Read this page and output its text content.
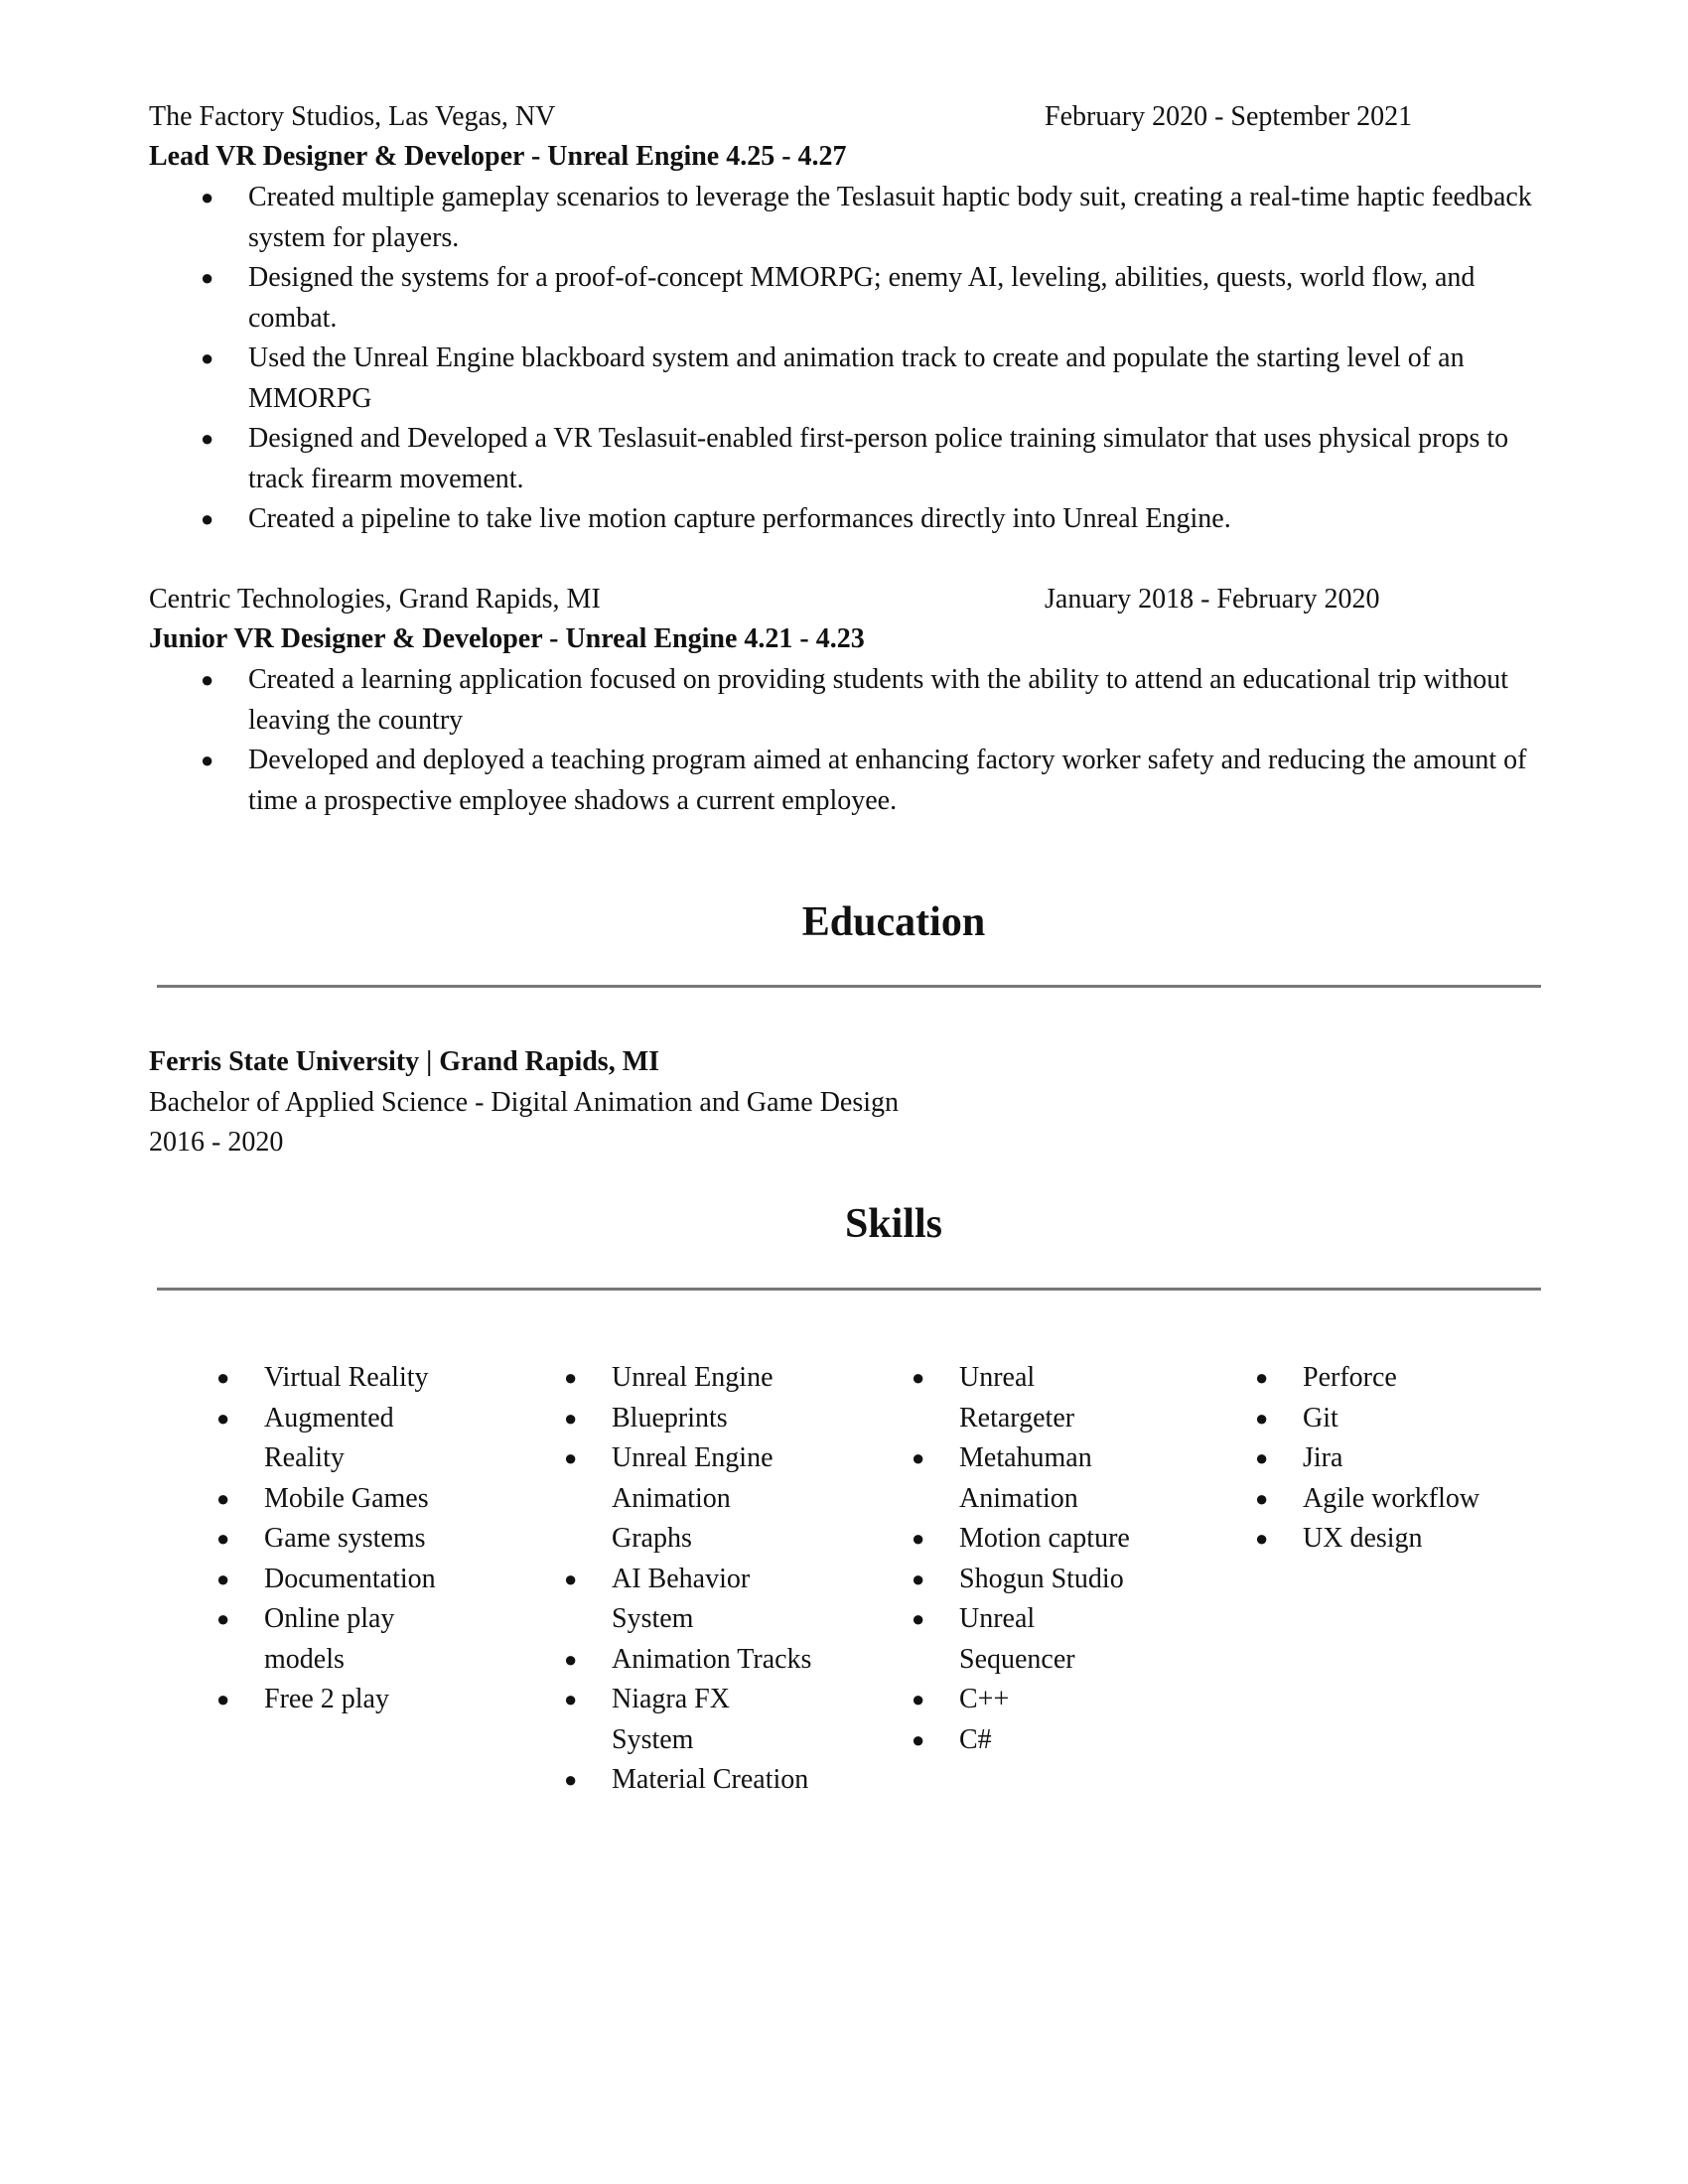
The Factory Studios, Las Vegas, NV	February 2020 - September 2021
Lead VR Designer & Developer - Unreal Engine 4.25 - 4.27
● Created multiple gameplay scenarios to leverage the Teslasuit haptic body suit, creating a real-time haptic feedback system for players.
● Designed the systems for a proof-of-concept MMORPG; enemy AI, leveling, abilities, quests, world flow, and combat.
● Used the Unreal Engine blackboard system and animation track to create and populate the starting level of an MMORPG
● Designed and Developed a VR Teslasuit-enabled first-person police training simulator that uses physical props to track firearm movement.
● Created a pipeline to take live motion capture performances directly into Unreal Engine.
Centric Technologies, Grand Rapids, MI	January 2018 - February 2020
Junior VR Designer & Developer - Unreal Engine 4.21 - 4.23
● Created a learning application focused on providing students with the ability to attend an educational trip without leaving the country
● Developed and deployed a teaching program aimed at enhancing factory worker safety and reducing the amount of time a prospective employee shadows a current employee.
Education
Ferris State University | Grand Rapids, MI
Bachelor of Applied Science - Digital Animation and Game Design
2016 - 2020
Skills
● Virtual Reality
● Augmented Reality
● Mobile Games
● Game systems
● Documentation
● Online play models
● Free 2 play
● Unreal Engine
● Blueprints
● Unreal Engine Animation Graphs
● AI Behavior System
● Animation Tracks
● Niagra FX System
● Material Creation
● Unreal Retargeter
● Metahuman Animation
● Motion capture
● Shogun Studio
● Unreal Sequencer
● C++
● C#
● Perforce
● Git
● Jira
● Agile workflow
● UX design
